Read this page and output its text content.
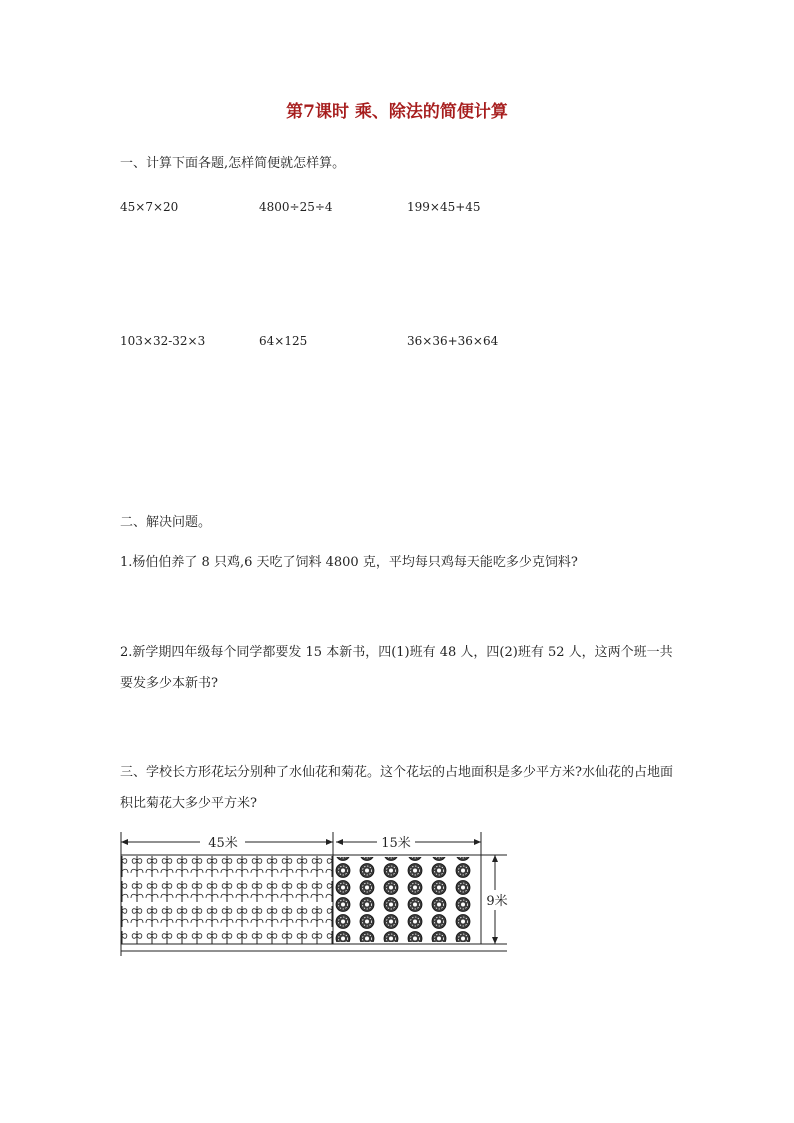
第7课时 乘、除法的简便计算
一、计算下面各题,怎样简便就怎样算。
45×7×20	4800÷25÷4	199×45+45
103×32-32×3	64×125	36×36+36×64
二、解决问题。
1.杨伯伯养了 8 只鸡,6 天吃了饲料 4800 克，平均每只鸡每天能吃多少克饲料?
2.新学期四年级每个同学都要发 15 本新书，四(1)班有 48 人，四(2)班有 52 人，这两个班一共要发多少本新书?
三、学校长方形花坛分别种了水仙花和菊花。这个花坛的占地面积是多少平方米?水仙花的占地面积比菊花大多少平方米?
45米	15米
9米
